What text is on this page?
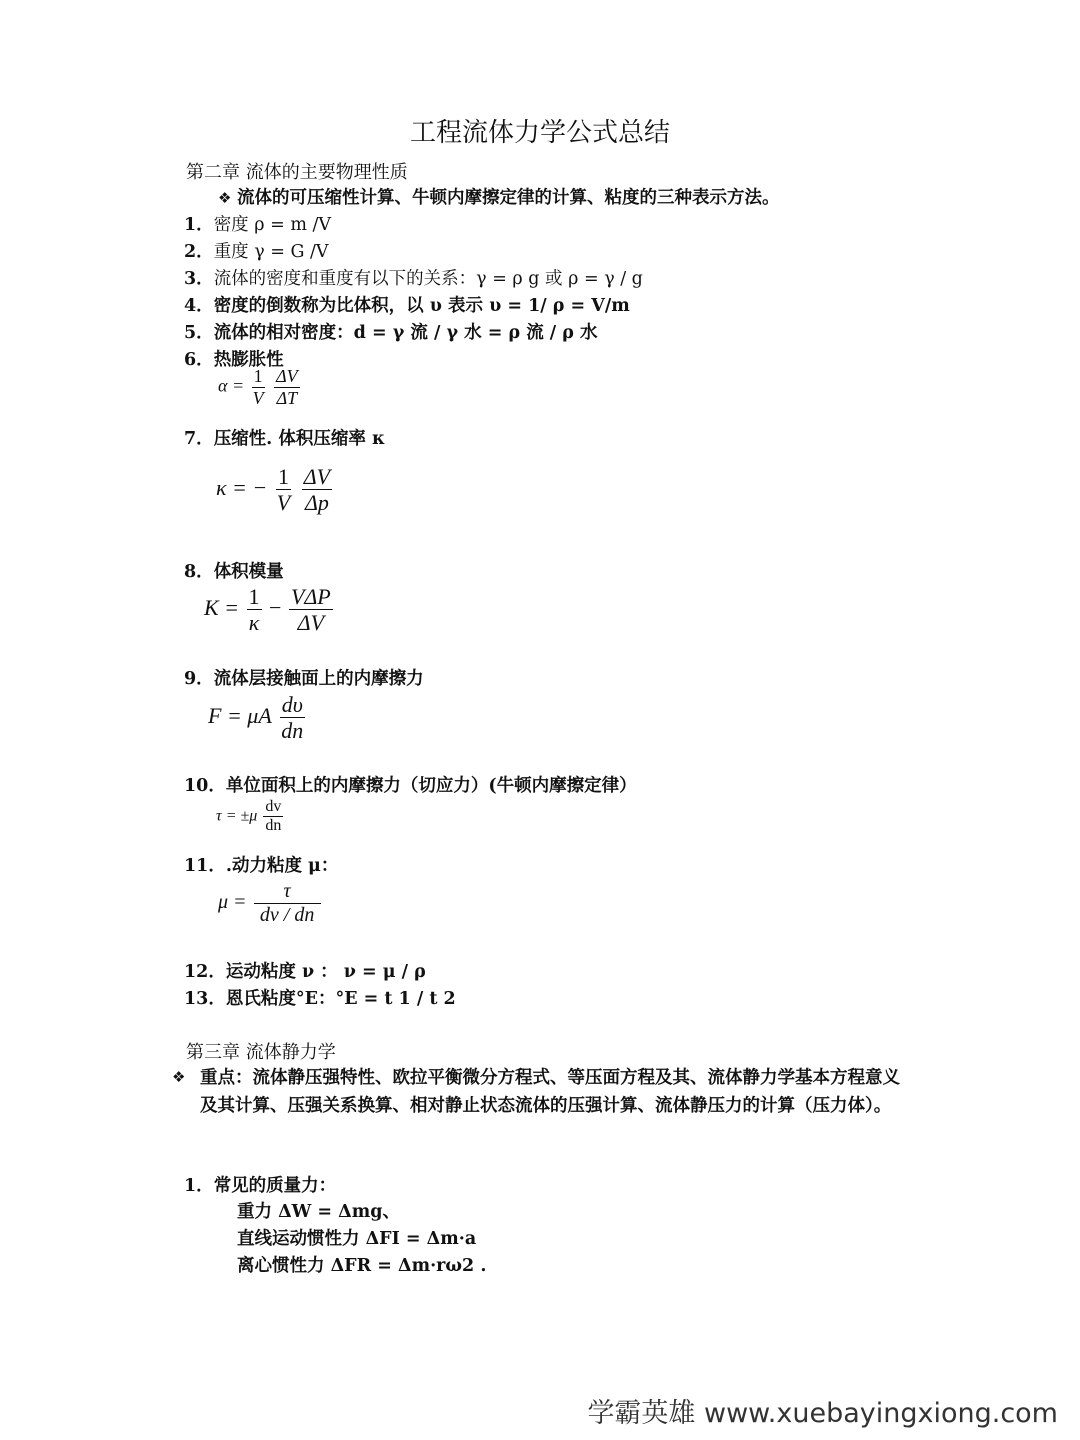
工程流体力学公式总结
第二章 流体的主要物理性质
❖ 流体的可压缩性计算、牛顿内摩擦定律的计算、粘度的三种表示方法。
1．密度 ρ = m /V
2．重度 γ = G /V
3．流体的密度和重度有以下的关系：γ = ρ g 或 ρ = γ / g
4．密度的倒数称为比体积，以 υ 表示 υ = 1/ ρ = V/m
5．流体的相对密度：d = γ 流 / γ 水 = ρ 流 / ρ 水
6．热膨胀性
$\alpha = \frac{1}{V}$
$\frac{\Delta V}{\Delta T}$
7．压缩性. 体积压缩率 κ
κ = − $\frac{1}{V}$
$\frac{\Delta V}{\Delta p}$
8．体积模量
$K = \frac{1}{\kappa} - \frac{\text{VΔP}}{\Delta V}$
9．流体层接触面上的内摩擦力
F = μA $\frac{d\upsilon}{dn}$
10．单位面积上的内摩擦力（切应力）(牛顿内摩擦定律）
$\tau = \pm\mu \frac{dv}{dn}$
11．.动力粘度 μ：
$\mu = \frac{\tau}{dv / dn}$
12．运动粘度 ν ： ν = μ / ρ
13．恩氏粘度°E：°E = t 1 / t 2
第三章 流体静力学
❖ 重点：流体静压强特性、欧拉平衡微分方程式、等压面方程及其、流体静力学基本方程意义及其计算、压强关系换算、相对静止状态流体的压强计算、流体静压力的计算（压力体）。
1．常见的质量力：
重力 ΔW = Δmg、
直线运动惯性力 ΔFI = Δm·a
离心惯性力 ΔFR = Δm·rω2 .
学霸英雄 www.xuebayingxiong.com
